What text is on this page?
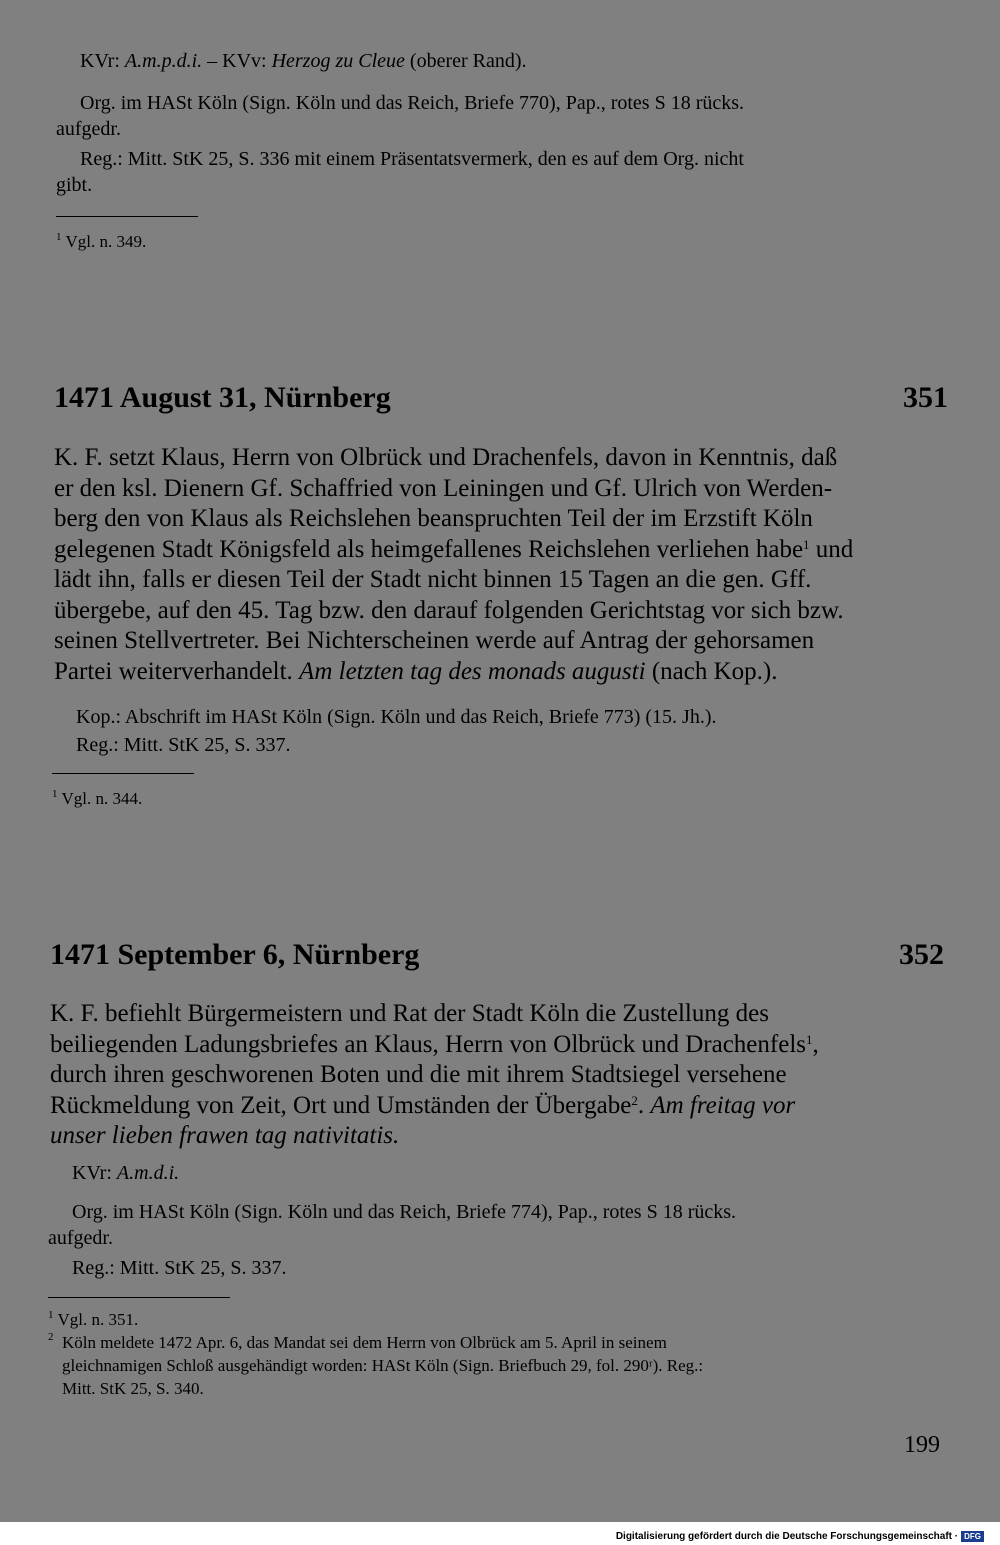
KVr: A.m.p.d.i. – KVv: Herzog zu Cleue (oberer Rand).

Org. im HASt Köln (Sign. Köln und das Reich, Briefe 770), Pap., rotes S 18 rücks.

aufgedr.

Reg.: Mitt. StK 25, S. 336 mit einem Präsentatsvermerk, den es auf dem Org. nicht

gibt.

$^1$ Vgl. n. 349.

1471 August 31, Nürnberg	351
K. F. setzt Klaus, Herrn von Olbrück und Drachenfels, davon in Kenntnis, daß
er den ksl. Dienern Gf. Schaffried von Leiningen und Gf. Ulrich von Werden-
berg den von Klaus als Reichslehen beanspruchten Teil der im Erzstift Köln
gelegenen Stadt Königsfeld als heimgefallenes Reichslehen verliehen habe$^1$ und
lädt ihn, falls er diesen Teil der Stadt nicht binnen 15 Tagen an die gen. Gff.
übergebe, auf den 45. Tag bzw. den darauf folgenden Gerichtstag vor sich bzw.
seinen Stellvertreter. Bei Nichterscheinen werde auf Antrag der gehorsamen
Partei weiterverhandelt. Am letzten tag des monads augusti (nach Kop.).

Kop.: Abschrift im HASt Köln (Sign. Köln und das Reich, Briefe 773) (15. Jh.).

Reg.: Mitt. StK 25, S. 337.

$^1$ Vgl. n. 344.

1471 September 6, Nürnberg	352
K. F. befiehlt Bürgermeistern und Rat der Stadt Köln die Zustellung des
beiliegenden Ladungsbriefes an Klaus, Herrn von Olbrück und Drachenfels$^1$,
durch ihren geschworenen Boten und die mit ihrem Stadtsiegel versehene
Rückmeldung von Zeit, Ort und Umständen der Übergabe$^2$. Am freitag vor
unser lieben frawen tag nativitatis.

KVr: A.m.d.i.

Org. im HASt Köln (Sign. Köln und das Reich, Briefe 774), Pap., rotes S 18 rücks.

aufgedr.

Reg.: Mitt. StK 25, S. 337.

$^1$ Vgl. n. 351.

2 Köln meldete 1472 Apr. 6, das Mandat sei dem Herrn von Olbrück am 5. April in seinem
gleichnamigen Schloß ausgehändigt worden: HASt Köln (Sign. Briefbuch 29, fol. 290ʳ). Reg.:
Mitt. StK 25, S. 340.
199
Digitalisierung gefördert durch die Deutsche Forschungsgemeinschaft · DFG
